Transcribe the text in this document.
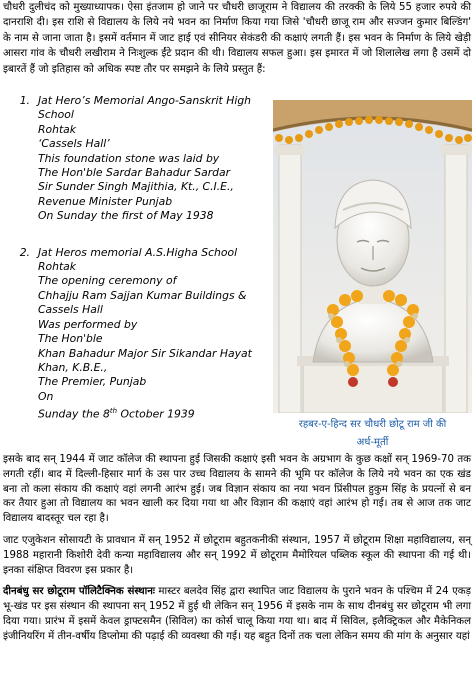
चौधरी दुलीचंद को मुख्याध्यापक। ऐसा इंतजाम हो जाने पर चौधरी छाजूराम ने विद्यालय की तरक्की के लिये 55 हजार रुपये की दानराशि दी। इस राशि से विद्यालय के लिये नये भवन का निर्माण किया गया जिसे 'चौधरी छाजू राम और सज्जन कुमार बिल्डिंग' के नाम से जाना जाता है। इसमें वर्तमान में जाट हाई एवं सीनियर सेकंडरी की कक्षाएं लगती हैं। इस भवन के निर्माण के लिये खेड़ी आसरा गांव के चौधरी लखीराम ने निःशुल्क ईंटे प्रदान की थी। विद्यालय सफल हुआ। इस इमारत में जो शिलालेख लगा है उसमें दो इबारतें हैं जो इतिहास को अधिक स्पष्ट तौर पर समझने के लिये प्रस्तुत हैं:

1. Jat Hero’s Memorial Ango-Sanskrit High
School
Rohtak
‘Cassels Hall’
This foundation stone was laid by
The Hon'ble Sardar Bahadur Sardar
Sir Sunder Singh Majithia, Kt., C.I.E.,
Revenue Minister Punjab
On Sunday the first of May 1938
2. Jat Heros memorial A.S.Higha School
Rohtak
The opening ceremony of
Chhajju Ram Sajjan Kumar Buildings &
Cassels Hall
Was performed by
The Hon'ble
Khan Bahadur Major Sir Sikandar Hayat
Khan, K.B.E.,
The Premier, Punjab
On
Sunday the 8th October 1939
रहबर-ए-हिन्द सर चौधरी छोटू राम जी की
अर्ध-मूर्ती

इसके बाद सन् 1944 में जाट कॉलेज की स्थापना हुई जिसकी कक्षाएं इसी भवन के अग्रभाग के कुछ कक्षों सन् 1969-70 तक लगती रहीं। बाद में दिल्ली-हिसार मार्ग के उस पार उच्च विद्यालय के सामने की भूमि पर कॉलेज के लिये नये भवन का एक खंड बना तो कला संकाय की कक्षाएं वहां लगनी आरंभ हुई। जब विज्ञान संकाय का नया भवन प्रिंसीपल हुकुम सिंह के प्रयत्नों से बन कर तैयार हुआ तो विद्यालय का भवन खाली कर दिया गया था और विज्ञान की कक्षाएं वहां आरंभ हो गई। तब से आज तक जाट विद्यालय बादस्तूर चल रहा है।

जाट एजुकेशन सोसायटी के प्रावधान में सन् 1952 में छोटूराम बहुतकनीकी संस्थान, 1957 में छोटूराम शिक्षा महाविद्यालय, सन् 1988 महारानी किशोरी देवी कन्या महाविद्यालय और सन् 1992 में छोटूराम मैमोरियल पब्लिक स्कूल की स्थापना की गई थी। इनका संक्षिप्त विवरण इस प्रकार है।

दीनबंधु सर छोटूराम पॉलिटैक्निक संस्थानः मास्टर बलदेव सिंह द्वारा स्थापित जाट विद्यालय के पुराने भवन के पश्चिम में 24 एकड़ भू-खंड पर इस संस्थान की स्थापना सन् 1952 में हुई थी लेकिन सन् 1956 में इसके नाम के साथ दीनबंधु सर छोटूराम भी लगा दिया गया। प्रारंभ में इसमें केवल ड्राफ्टसमैन (सिविल) का कोर्स चालू किया गया था। बाद में सिविल, इलैक्ट्रिकल और मैकेनिकल इंजीनियरिंग में तीन-वर्षीय डिप्लोमा की पढ़ाई की व्यवस्था की गई। यह बहुत दिनों तक चला लेकिन समय की मांग के अनुसार यहां
